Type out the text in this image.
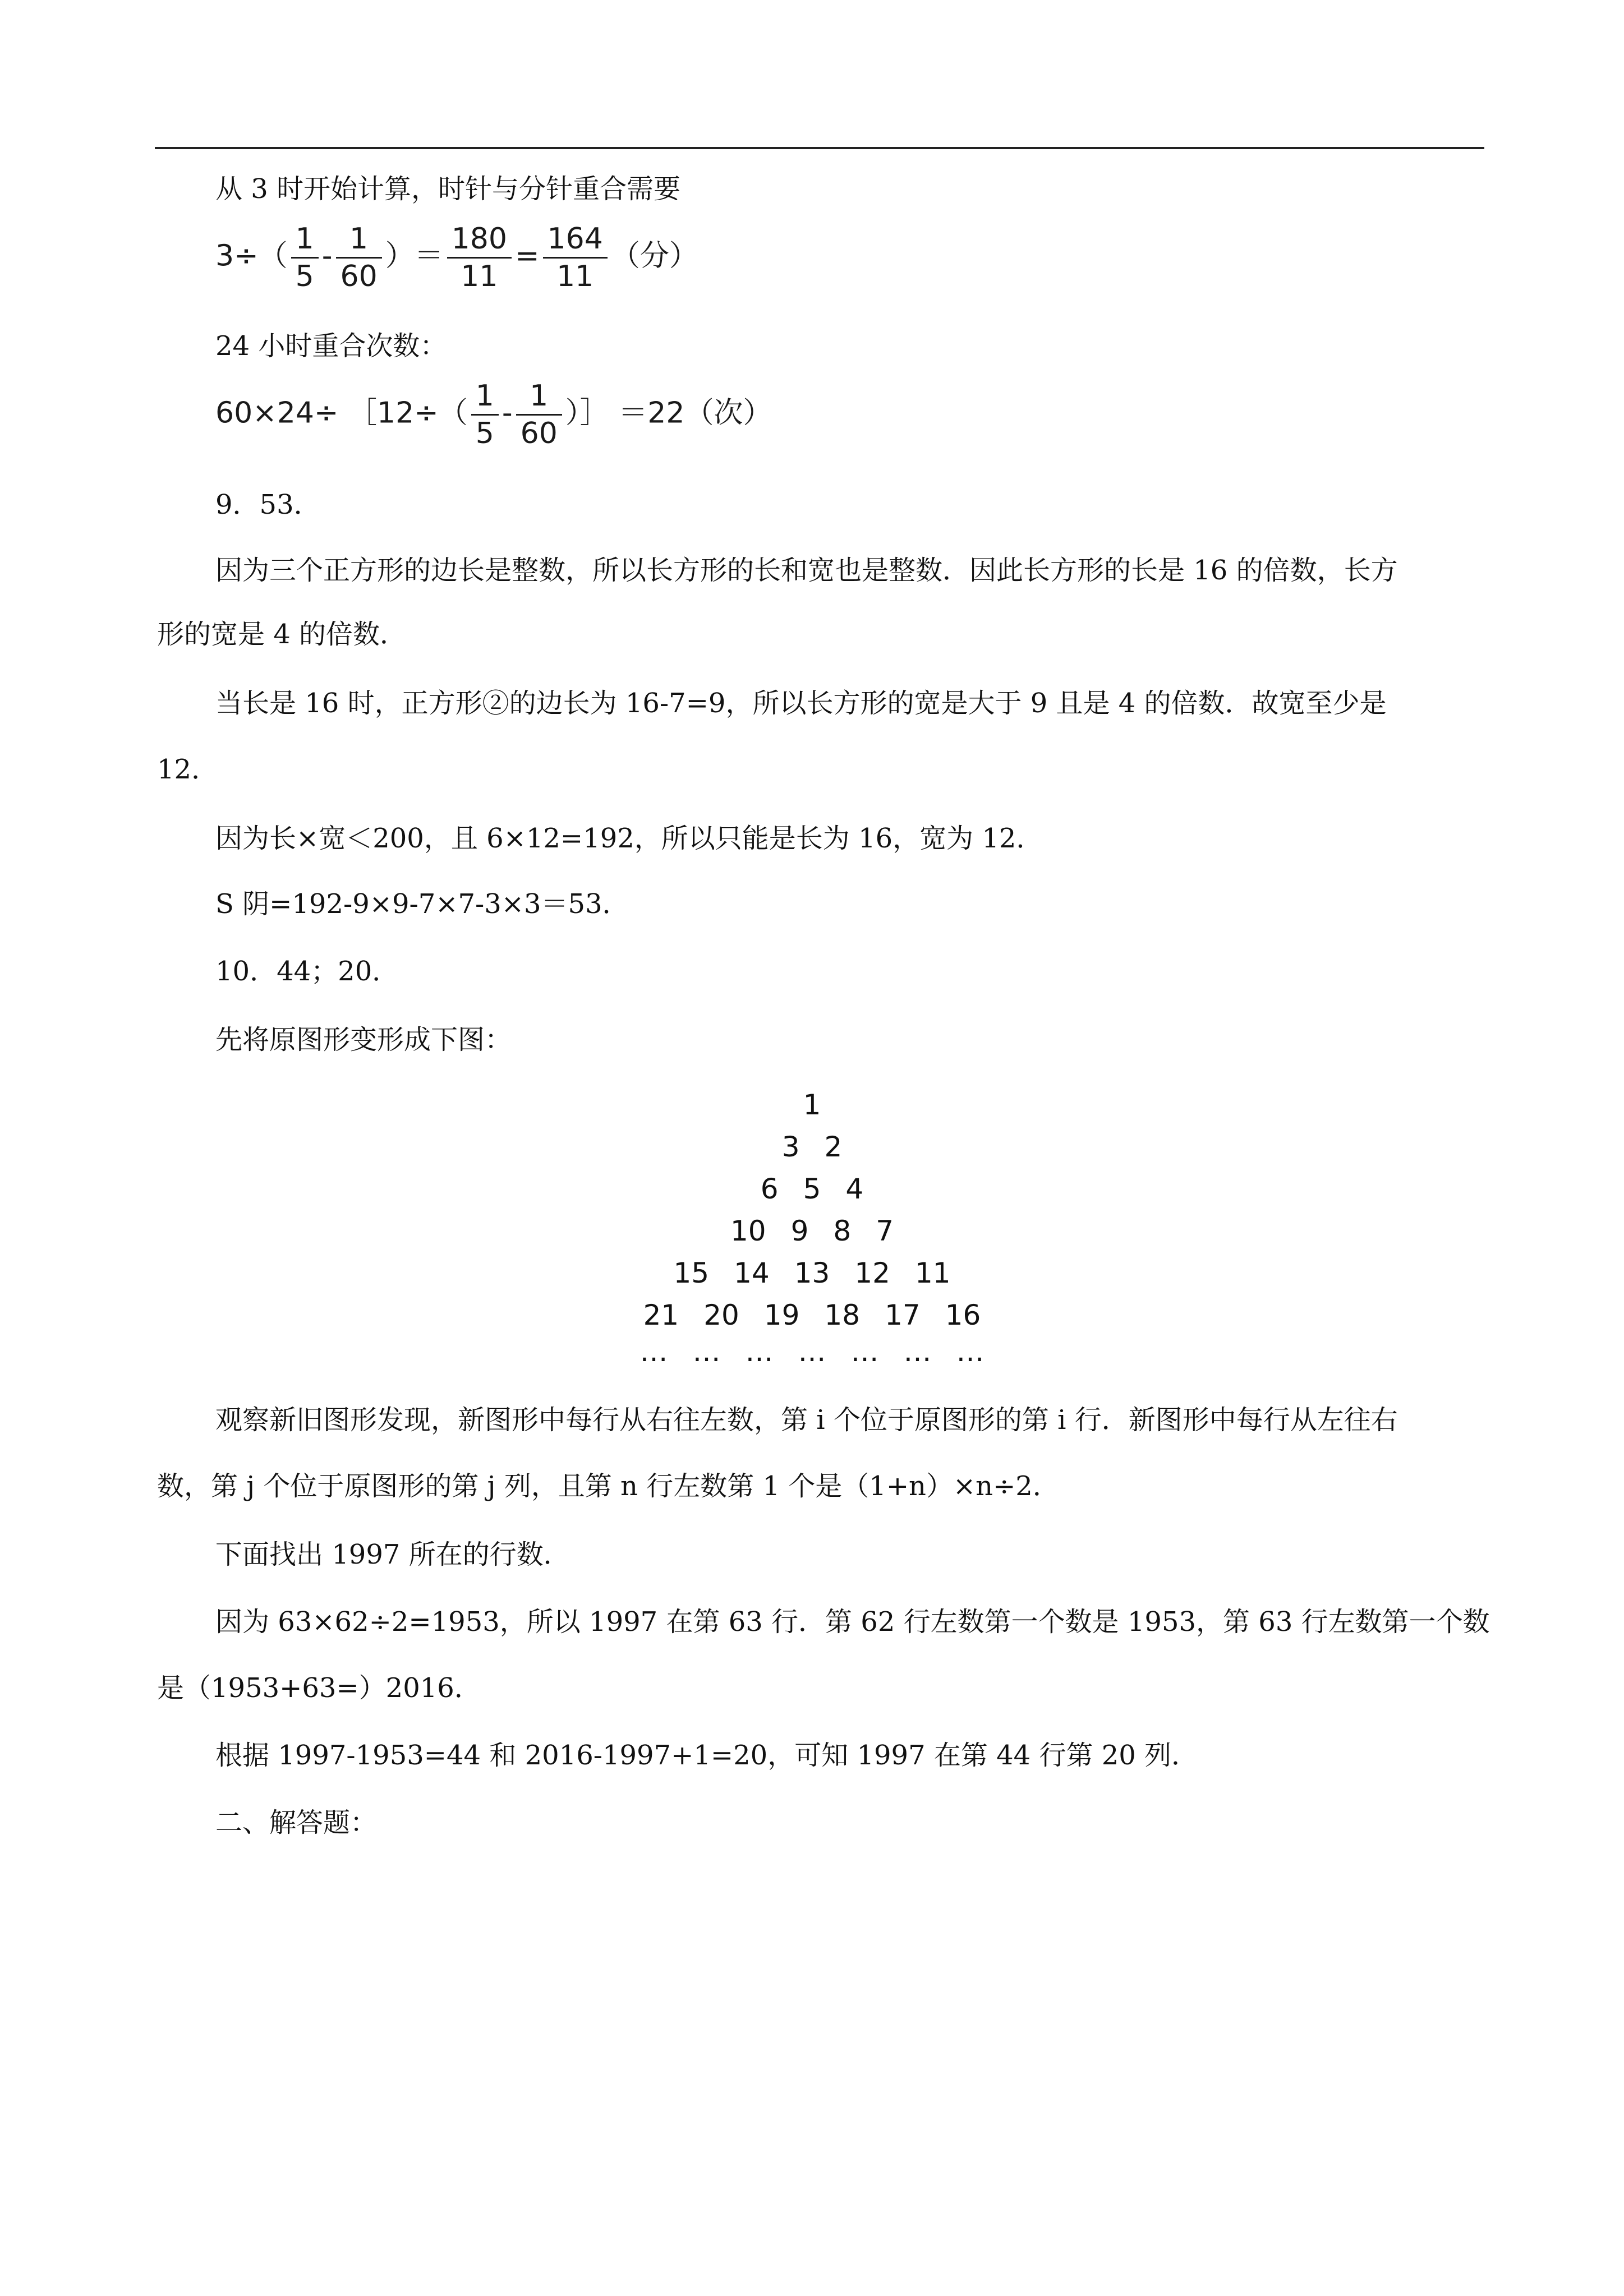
从 3 时开始计算，时针与分针重合需要
$3\div( \frac{1}{5} - \frac{1}{60}$ ）＝ $\frac{180}{11} = \frac{164}{11}$ （分）
24 小时重合次数：
60×24÷ ［12÷（ $\frac{1}{5} - \frac{1}{60}$ ）］ ＝22（次）
9．53．
因为三个正方形的边长是整数，所以长方形的长和宽也是整数．因此长方形的长是 16 的倍数，长方
形的宽是 4 的倍数．
当长是 16 时，正方形②的边长为 16-7=9，所以长方形的宽是大于 9 且是 4 的倍数．故宽至少是
12．
因为长×宽＜200，且 6×12=192，所以只能是长为 16，宽为 12．
S 阴=192-9×9-7×7-3×3＝53．
10．44；20．
先将原图形变形成下图：
1
3 2
6 5 4
10 9 8 7
15 14 13 12 11
21 20 19 18 17 16
… … … … … … …
观察新旧图形发现，新图形中每行从右往左数，第 i 个位于原图形的第 i 行．新图形中每行从左往右
数，第 j 个位于原图形的第 j 列，且第 n 行左数第 1 个是（1+n）×n÷2．
下面找出 1997 所在的行数．
因为 63×62÷2=1953，所以 1997 在第 63 行．第 62 行左数第一个数是 1953，第 63 行左数第一个数
是（1953+63=）2016．
根据 1997-1953=44 和 2016-1997+1=20，可知 1997 在第 44 行第 20 列．
二、解答题：
